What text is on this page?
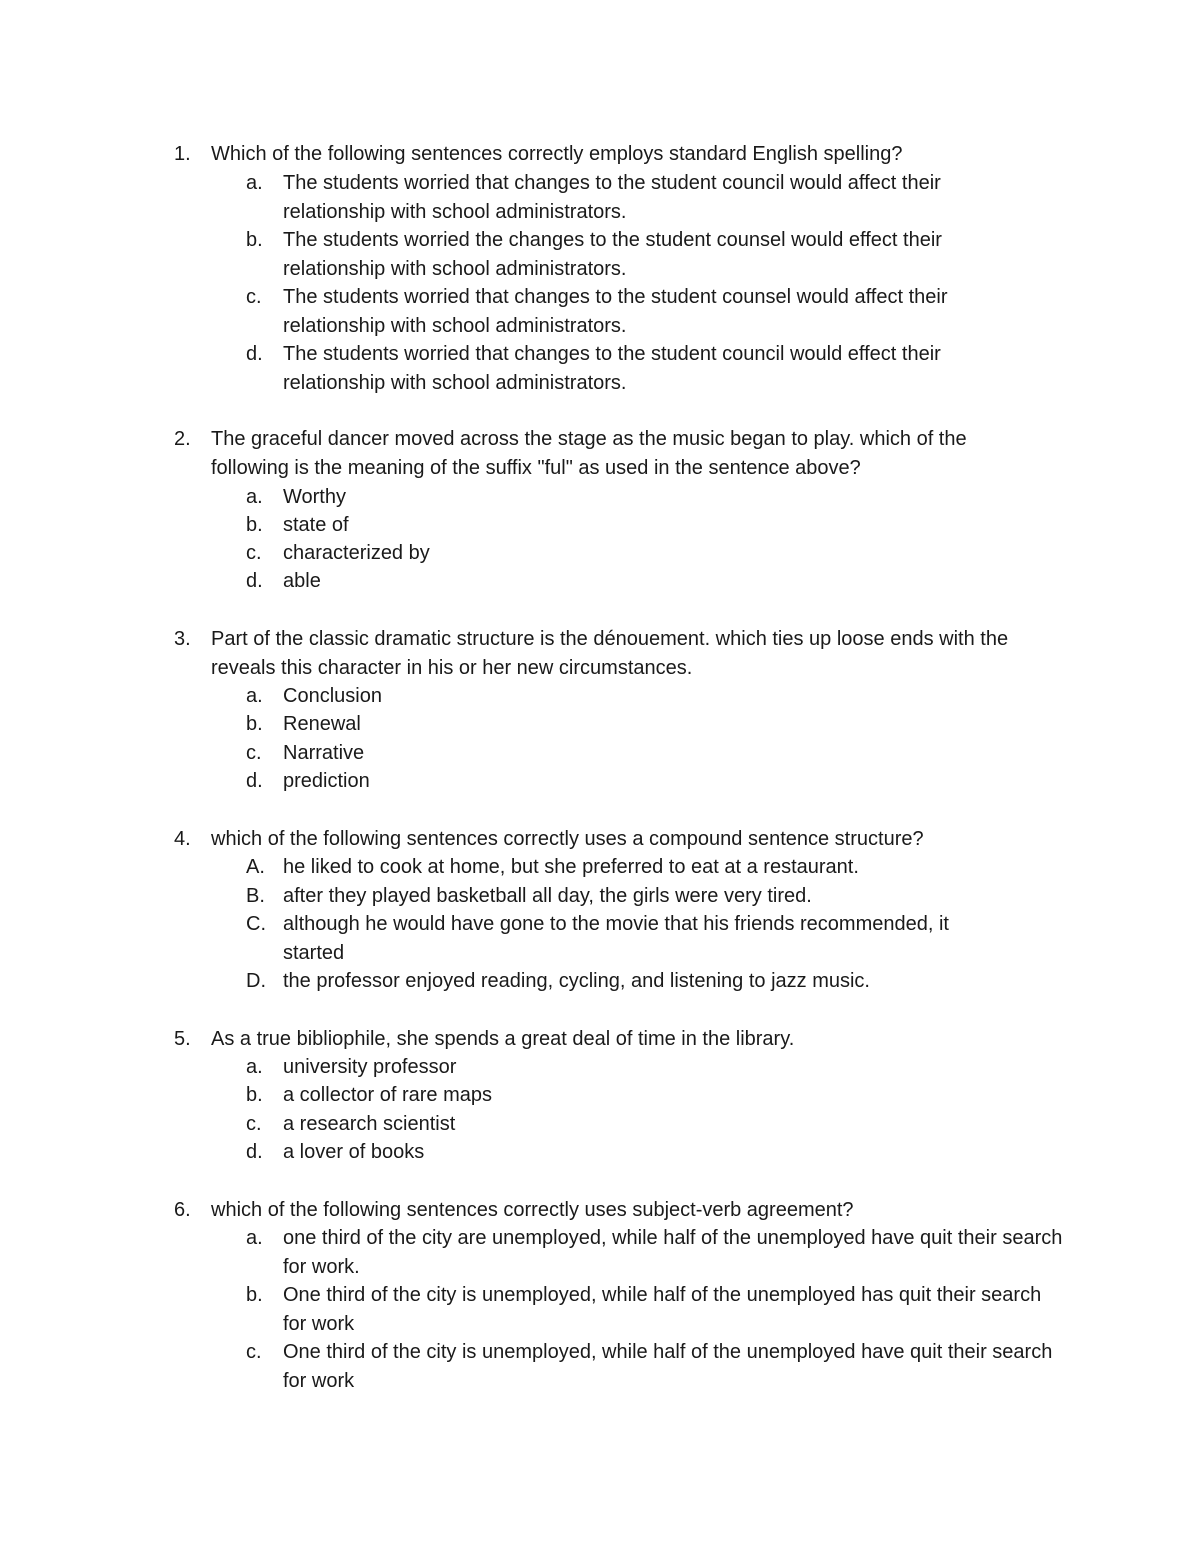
1.	Which of the following sentences correctly employs standard English spelling?
a.	The students worried that changes to the student council would affect their relationship with school administrators.
b.	The students worried the changes to the student counsel would effect their relationship with school administrators.
c.	The students worried that changes to the student counsel would affect their relationship with school administrators.
d.	The students worried that changes to the student council would effect their relationship with school administrators.
2.	The graceful dancer moved across the stage as the music began to play. which of the following is the meaning of the suffix "ful" as used in the sentence above?
a.	Worthy
b.	state of
c.	characterized by
d.	able
3.	Part of the classic dramatic structure is the dénouement. which ties up loose ends with the reveals this character in his or her new circumstances.
a.	Conclusion
b.	Renewal
c.	Narrative
d.	prediction
4.	which of the following sentences correctly uses a compound sentence structure?
A. he liked to cook at home, but she preferred to eat at a restaurant.
B. after they played basketball all day, the girls were very tired.
C. although he would have gone to the movie that his friends recommended, it started
D. the professor enjoyed reading, cycling, and listening to jazz music.
5.	As a true bibliophile, she spends a great deal of time in the library.
a.	university professor
b.	a collector of rare maps
c.	a research scientist
d.	a lover of books
6.	which of the following sentences correctly uses subject-verb agreement?
a.	one third of the city are unemployed, while half of the unemployed have quit their search for work.
b.	One third of the city is unemployed, while half of the unemployed has quit their search for work
c.	One third of the city is unemployed, while half of the unemployed have quit their search for work
